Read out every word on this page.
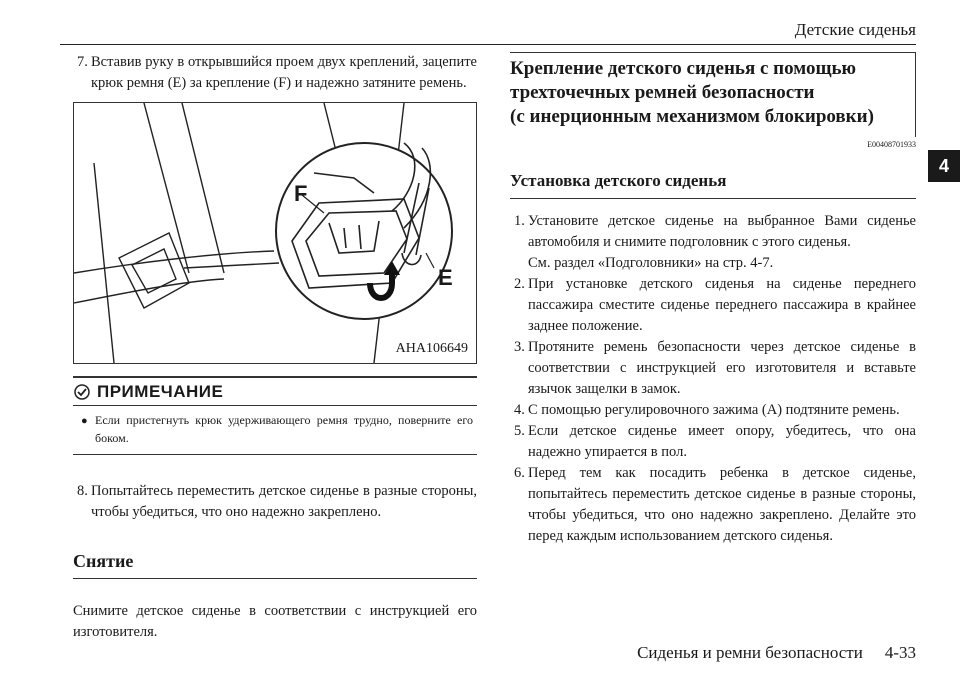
Детские сиденья
4
7. Вставив руку в открывшийся проем двух креплений, зацепите крюк ремня (E) за крепление (F) и надежно затяните ремень.
F
E
AHA106649
ПРИМЕЧАНИЕ
● Если пристегнуть крюк удерживающего ремня трудно, поверните его боком.
8. Попытайтесь переместить детское сиденье в разные стороны, чтобы убедиться, что оно надежно закреплено.
Снятие
Снимите детское сиденье в соответствии с инструкцией его изготовителя.
Крепление детского сиденья с помощью
трехточечных ремней безопасности
(с инерционным механизмом блокировки)
E00408701933
Установка детского сиденья
1. Установите детское сиденье на выбранное Вами сиденье автомобиля и снимите подголовник с этого сиденья.
См. раздел «Подголовники» на стр. 4-7.
2. При установке детского сиденья на сиденье переднего пассажира сместите сиденье переднего пассажира в крайнее заднее положение.
3. Протяните ремень безопасности через детское сиденье в соответствии с инструкцией его изготовителя и вставьте язычок защелки в замок.
4. С помощью регулировочного зажима (A) подтяните ремень.
5. Если детское сиденье имеет опору, убедитесь, что она надежно упирается в пол.
6. Перед тем как посадить ребенка в детское сиденье, попытайтесь переместить детское сиденье в разные стороны, чтобы убедиться, что оно надежно закреплено. Делайте это перед каждым использованием детского сиденья.
Сиденья и ремни безопасности 4-33
